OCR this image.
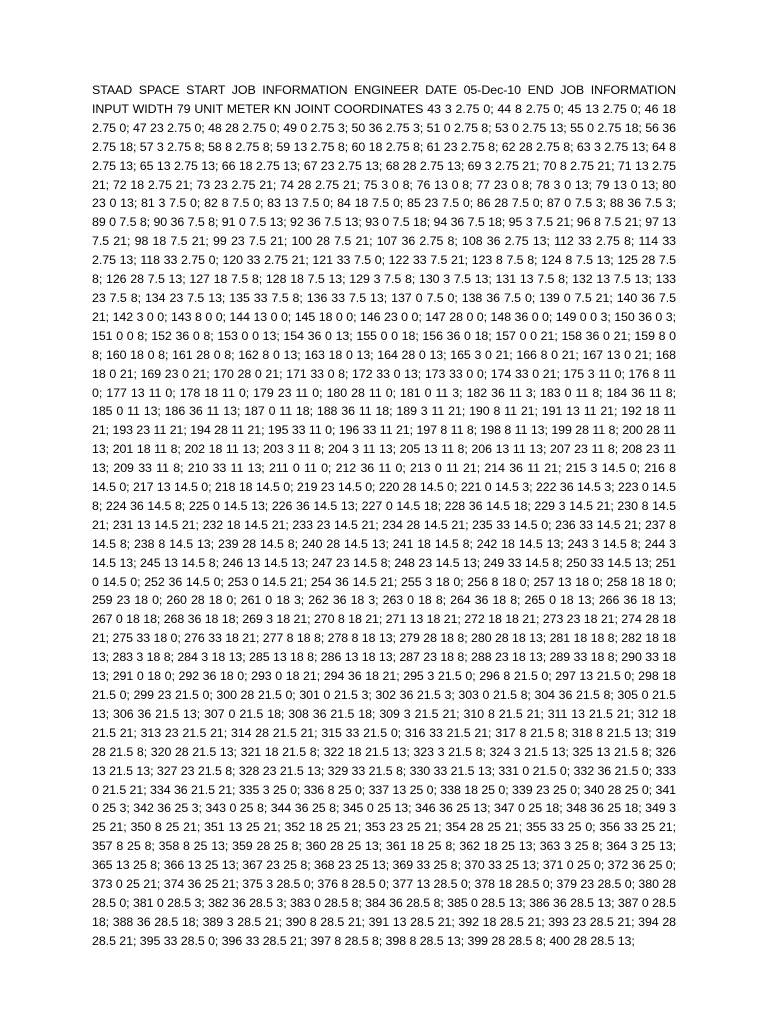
STAAD SPACE START JOB INFORMATION ENGINEER DATE 05-Dec-10 END JOB INFORMATION INPUT WIDTH 79 UNIT METER KN JOINT COORDINATES 43 3 2.75 0; 44 8 2.75 0; 45 13 2.75 0; 46 18 2.75 0; 47 23 2.75 0; 48 28 2.75 0; 49 0 2.75 3; 50 36 2.75 3; 51 0 2.75 8; 53 0 2.75 13; 55 0 2.75 18; 56 36 2.75 18; 57 3 2.75 8; 58 8 2.75 8; 59 13 2.75 8; 60 18 2.75 8; 61 23 2.75 8; 62 28 2.75 8; 63 3 2.75 13; 64 8 2.75 13; 65 13 2.75 13; 66 18 2.75 13; 67 23 2.75 13; 68 28 2.75 13; 69 3 2.75 21; 70 8 2.75 21; 71 13 2.75 21; 72 18 2.75 21; 73 23 2.75 21; 74 28 2.75 21; 75 3 0 8; 76 13 0 8; 77 23 0 8; 78 3 0 13; 79 13 0 13; 80 23 0 13; 81 3 7.5 0; 82 8 7.5 0; 83 13 7.5 0; 84 18 7.5 0; 85 23 7.5 0; 86 28 7.5 0; 87 0 7.5 3; 88 36 7.5 3; 89 0 7.5 8; 90 36 7.5 8; 91 0 7.5 13; 92 36 7.5 13; 93 0 7.5 18; 94 36 7.5 18; 95 3 7.5 21; 96 8 7.5 21; 97 13 7.5 21; 98 18 7.5 21; 99 23 7.5 21; 100 28 7.5 21; 107 36 2.75 8; 108 36 2.75 13; 112 33 2.75 8; 114 33 2.75 13; 118 33 2.75 0; 120 33 2.75 21; 121 33 7.5 0; 122 33 7.5 21; 123 8 7.5 8; 124 8 7.5 13; 125 28 7.5 8; 126 28 7.5 13; 127 18 7.5 8; 128 18 7.5 13; 129 3 7.5 8; 130 3 7.5 13; 131 13 7.5 8; 132 13 7.5 13; 133 23 7.5 8; 134 23 7.5 13; 135 33 7.5 8; 136 33 7.5 13; 137 0 7.5 0; 138 36 7.5 0; 139 0 7.5 21; 140 36 7.5 21; 142 3 0 0; 143 8 0 0; 144 13 0 0; 145 18 0 0; 146 23 0 0; 147 28 0 0; 148 36 0 0; 149 0 0 3; 150 36 0 3; 151 0 0 8; 152 36 0 8; 153 0 0 13; 154 36 0 13; 155 0 0 18; 156 36 0 18; 157 0 0 21; 158 36 0 21; 159 8 0 8; 160 18 0 8; 161 28 0 8; 162 8 0 13; 163 18 0 13; 164 28 0 13; 165 3 0 21; 166 8 0 21; 167 13 0 21; 168 18 0 21; 169 23 0 21; 170 28 0 21; 171 33 0 8; 172 33 0 13; 173 33 0 0; 174 33 0 21; 175 3 11 0; 176 8 11 0; 177 13 11 0; 178 18 11 0; 179 23 11 0; 180 28 11 0; 181 0 11 3; 182 36 11 3; 183 0 11 8; 184 36 11 8; 185 0 11 13; 186 36 11 13; 187 0 11 18; 188 36 11 18; 189 3 11 21; 190 8 11 21; 191 13 11 21; 192 18 11 21; 193 23 11 21; 194 28 11 21; 195 33 11 0; 196 33 11 21; 197 8 11 8; 198 8 11 13; 199 28 11 8; 200 28 11 13; 201 18 11 8; 202 18 11 13; 203 3 11 8; 204 3 11 13; 205 13 11 8; 206 13 11 13; 207 23 11 8; 208 23 11 13; 209 33 11 8; 210 33 11 13; 211 0 11 0; 212 36 11 0; 213 0 11 21; 214 36 11 21; 215 3 14.5 0; 216 8 14.5 0; 217 13 14.5 0; 218 18 14.5 0; 219 23 14.5 0; 220 28 14.5 0; 221 0 14.5 3; 222 36 14.5 3; 223 0 14.5 8; 224 36 14.5 8; 225 0 14.5 13; 226 36 14.5 13; 227 0 14.5 18; 228 36 14.5 18; 229 3 14.5 21; 230 8 14.5 21; 231 13 14.5 21; 232 18 14.5 21; 233 23 14.5 21; 234 28 14.5 21; 235 33 14.5 0; 236 33 14.5 21; 237 8 14.5 8; 238 8 14.5 13; 239 28 14.5 8; 240 28 14.5 13; 241 18 14.5 8; 242 18 14.5 13; 243 3 14.5 8; 244 3 14.5 13; 245 13 14.5 8; 246 13 14.5 13; 247 23 14.5 8; 248 23 14.5 13; 249 33 14.5 8; 250 33 14.5 13; 251 0 14.5 0; 252 36 14.5 0; 253 0 14.5 21; 254 36 14.5 21; 255 3 18 0; 256 8 18 0; 257 13 18 0; 258 18 18 0; 259 23 18 0; 260 28 18 0; 261 0 18 3; 262 36 18 3; 263 0 18 8; 264 36 18 8; 265 0 18 13; 266 36 18 13; 267 0 18 18; 268 36 18 18; 269 3 18 21; 270 8 18 21; 271 13 18 21; 272 18 18 21; 273 23 18 21; 274 28 18 21; 275 33 18 0; 276 33 18 21; 277 8 18 8; 278 8 18 13; 279 28 18 8; 280 28 18 13; 281 18 18 8; 282 18 18 13; 283 3 18 8; 284 3 18 13; 285 13 18 8; 286 13 18 13; 287 23 18 8; 288 23 18 13; 289 33 18 8; 290 33 18 13; 291 0 18 0; 292 36 18 0; 293 0 18 21; 294 36 18 21; 295 3 21.5 0; 296 8 21.5 0; 297 13 21.5 0; 298 18 21.5 0; 299 23 21.5 0; 300 28 21.5 0; 301 0 21.5 3; 302 36 21.5 3; 303 0 21.5 8; 304 36 21.5 8; 305 0 21.5 13; 306 36 21.5 13; 307 0 21.5 18; 308 36 21.5 18; 309 3 21.5 21; 310 8 21.5 21; 311 13 21.5 21; 312 18 21.5 21; 313 23 21.5 21; 314 28 21.5 21; 315 33 21.5 0; 316 33 21.5 21; 317 8 21.5 8; 318 8 21.5 13; 319 28 21.5 8; 320 28 21.5 13; 321 18 21.5 8; 322 18 21.5 13; 323 3 21.5 8; 324 3 21.5 13; 325 13 21.5 8; 326 13 21.5 13; 327 23 21.5 8; 328 23 21.5 13; 329 33 21.5 8; 330 33 21.5 13; 331 0 21.5 0; 332 36 21.5 0; 333 0 21.5 21; 334 36 21.5 21; 335 3 25 0; 336 8 25 0; 337 13 25 0; 338 18 25 0; 339 23 25 0; 340 28 25 0; 341 0 25 3; 342 36 25 3; 343 0 25 8; 344 36 25 8; 345 0 25 13; 346 36 25 13; 347 0 25 18; 348 36 25 18; 349 3 25 21; 350 8 25 21; 351 13 25 21; 352 18 25 21; 353 23 25 21; 354 28 25 21; 355 33 25 0; 356 33 25 21; 357 8 25 8; 358 8 25 13; 359 28 25 8; 360 28 25 13; 361 18 25 8; 362 18 25 13; 363 3 25 8; 364 3 25 13; 365 13 25 8; 366 13 25 13; 367 23 25 8; 368 23 25 13; 369 33 25 8; 370 33 25 13; 371 0 25 0; 372 36 25 0; 373 0 25 21; 374 36 25 21; 375 3 28.5 0; 376 8 28.5 0; 377 13 28.5 0; 378 18 28.5 0; 379 23 28.5 0; 380 28 28.5 0; 381 0 28.5 3; 382 36 28.5 3; 383 0 28.5 8; 384 36 28.5 8; 385 0 28.5 13; 386 36 28.5 13; 387 0 28.5 18; 388 36 28.5 18; 389 3 28.5 21; 390 8 28.5 21; 391 13 28.5 21; 392 18 28.5 21; 393 23 28.5 21; 394 28 28.5 21; 395 33 28.5 0; 396 33 28.5 21; 397 8 28.5 8; 398 8 28.5 13; 399 28 28.5 8; 400 28 28.5 13;
